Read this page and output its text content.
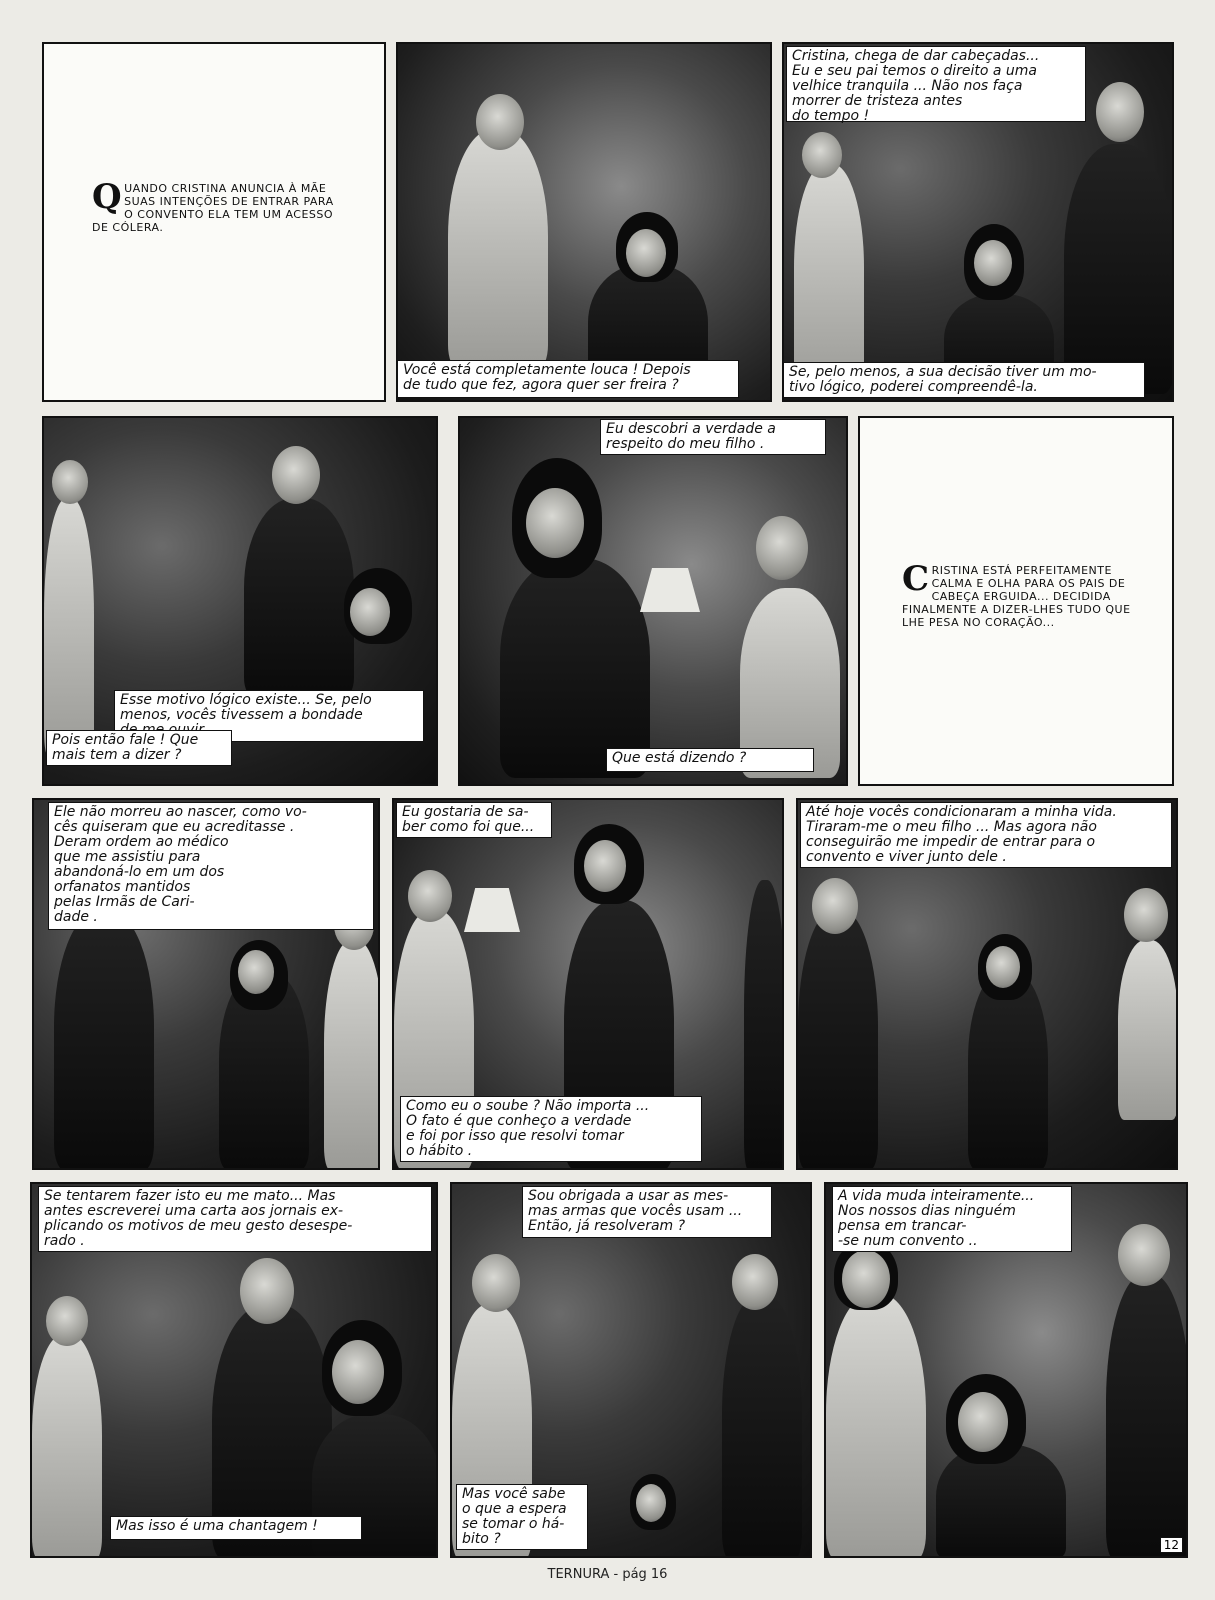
Q UANDO CRISTINA ANUNCIA À MÃE SUAS INTENÇÕES DE ENTRAR PARA O CONVENTO ELA TEM UM ACESSO DE CÓLERA.
Você está completamente louca ! Depois
de tudo que fez, agora quer ser freira ?
Cristina, chega de dar cabeçadas...
Eu e seu pai temos o direito a uma
velhice tranquila ... Não nos faça
morrer de tristeza antes
do tempo !
Se, pelo menos, a sua decisão tiver um mo-
tivo lógico, poderei compreendê-la.
Esse motivo lógico existe... Se, pelo
menos, vocês tivessem a bondade

Pois então fale ! Que
mais tem a dizer ?
Eu descobri a verdade a
respeito do meu filho .
Que está dizendo ?
C RISTINA ESTÁ PERFEITAMENTE CALMA E OLHA PARA OS PAIS DE CABEÇA ERGUIDA... DECIDIDA FINALMENTE A DIZER-LHES TUDO QUE LHE PESA NO CORAÇÃO...
Ele não morreu ao nascer, como vo-
cês quiseram que eu acreditasse .
Deram ordem ao médico
que me assistiu para
abandoná-lo em um dos
orfanatos mantidos
pelas Irmãs de Cari-
dade .
Eu gostaria de sa-
ber como foi que...
Como eu o soube ? Não importa ...
O fato é que conheço a verdade
e foi por isso que resolvi tomar
o hábito .
Até hoje vocês condicionaram a minha vida.
Tiraram-me o meu filho ... Mas agora não
conseguirão me impedir de entrar para o
convento e viver junto dele .
Se tentarem fazer isto eu me mato... Mas
antes escreverei uma carta aos jornais ex-
plicando os motivos de meu gesto desespe-
rado .
Mas isso é uma chantagem !
Sou obrigada a usar as mes-
mas armas que vocês usam ...
Então, já resolveram ?
Mas você sabe
o que a espera
se tomar o há-
bito ?
A vida muda inteiramente...
Nos nossos dias ninguém
pensa em trancar-
-se num convento ..
12
TERNURA - pág 16
